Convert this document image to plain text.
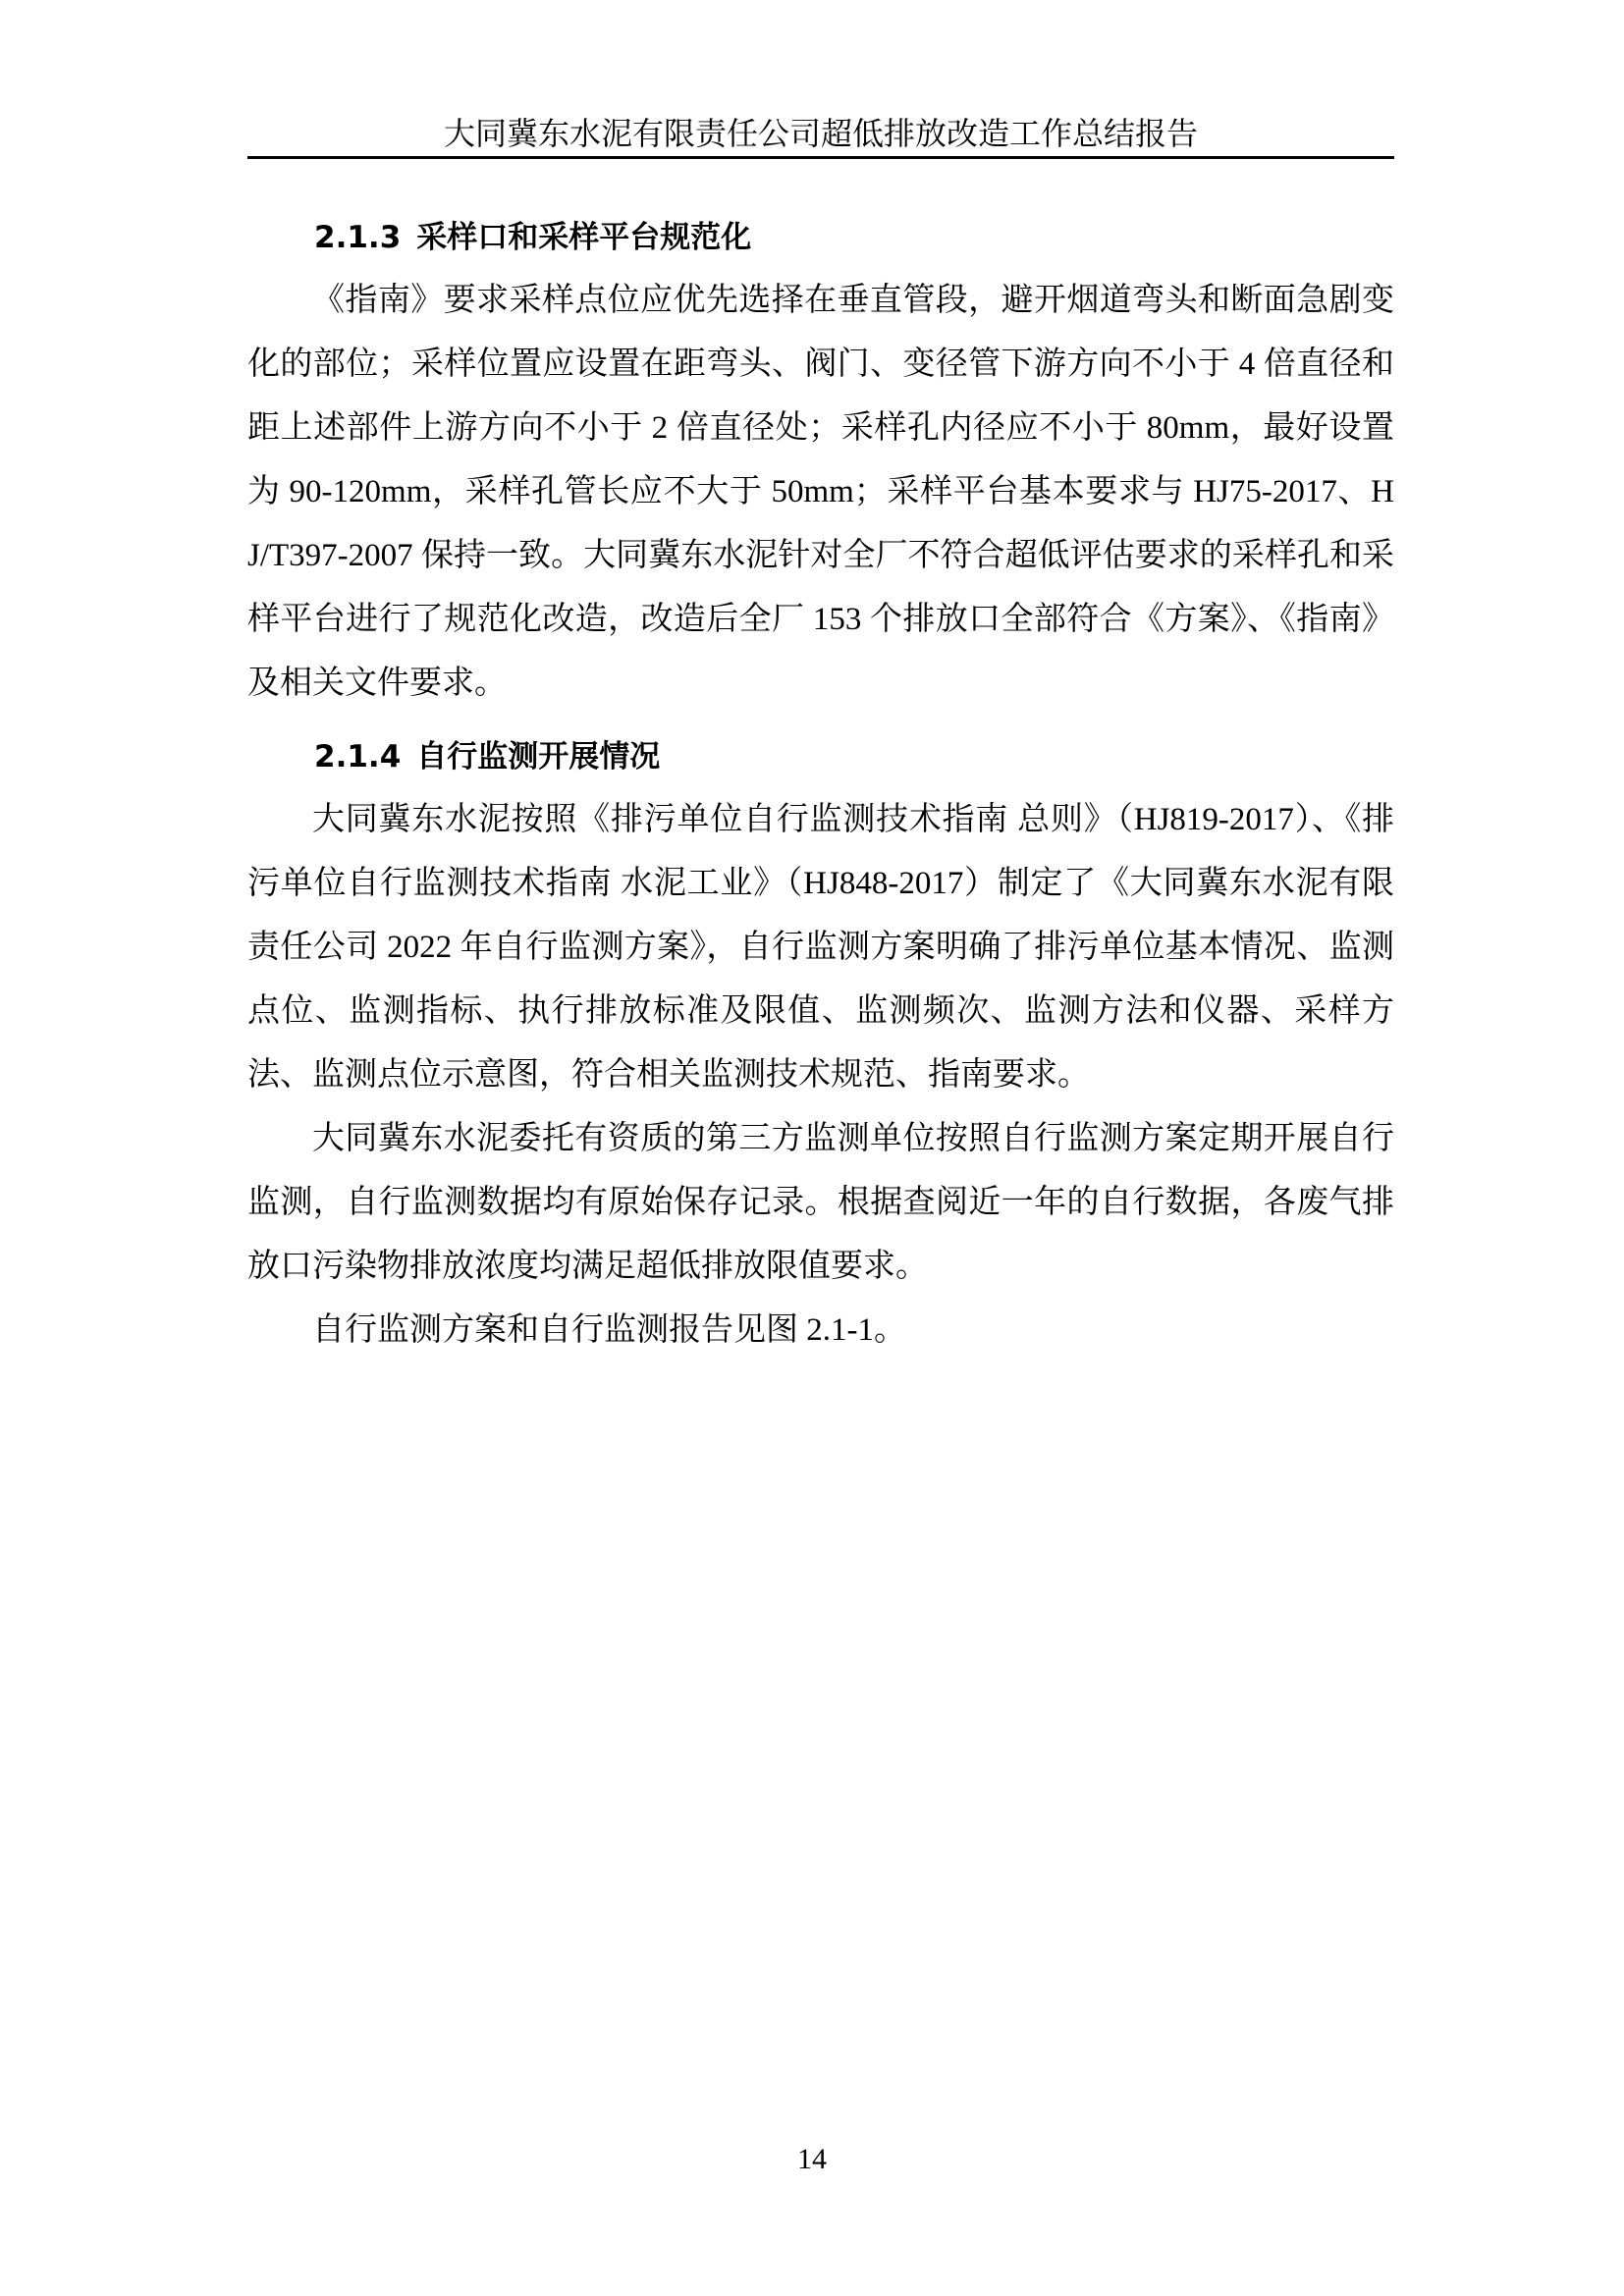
大同冀东水泥有限责任公司超低排放改造工作总结报告
2.1.3 采样口和采样平台规范化

《指南》要求采样点位应优先选择在垂直管段，避开烟道弯头和断面急剧变化的部位；采样位置应设置在距弯头、阀门、变径管下游方向不小于 4 倍直径和距上述部件上游方向不小于 2 倍直径处；采样孔内径应不小于 80mm，最好设置为 90-120mm，采样孔管长应不大于 50mm；采样平台基本要求与 HJ75-2017、HJ/T397-2007 保持一致。大同冀东水泥针对全厂不符合超低评估要求的采样孔和采样平台进行了规范化改造，改造后全厂 153 个排放口全部符合《方案》、《指南》及相关文件要求。

2.1.4 自行监测开展情况

大同冀东水泥按照《排污单位自行监测技术指南 总则》（HJ819-2017）、《排污单位自行监测技术指南 水泥工业》（HJ848-2017）制定了《大同冀东水泥有限责任公司 2022 年自行监测方案》，自行监测方案明确了排污单位基本情况、监测点位、监测指标、执行排放标准及限值、监测频次、监测方法和仪器、采样方法、监测点位示意图，符合相关监测技术规范、指南要求。

大同冀东水泥委托有资质的第三方监测单位按照自行监测方案定期开展自行监测，自行监测数据均有原始保存记录。根据查阅近一年的自行数据，各废气排放口污染物排放浓度均满足超低排放限值要求。

自行监测方案和自行监测报告见图 2.1-1。

14
